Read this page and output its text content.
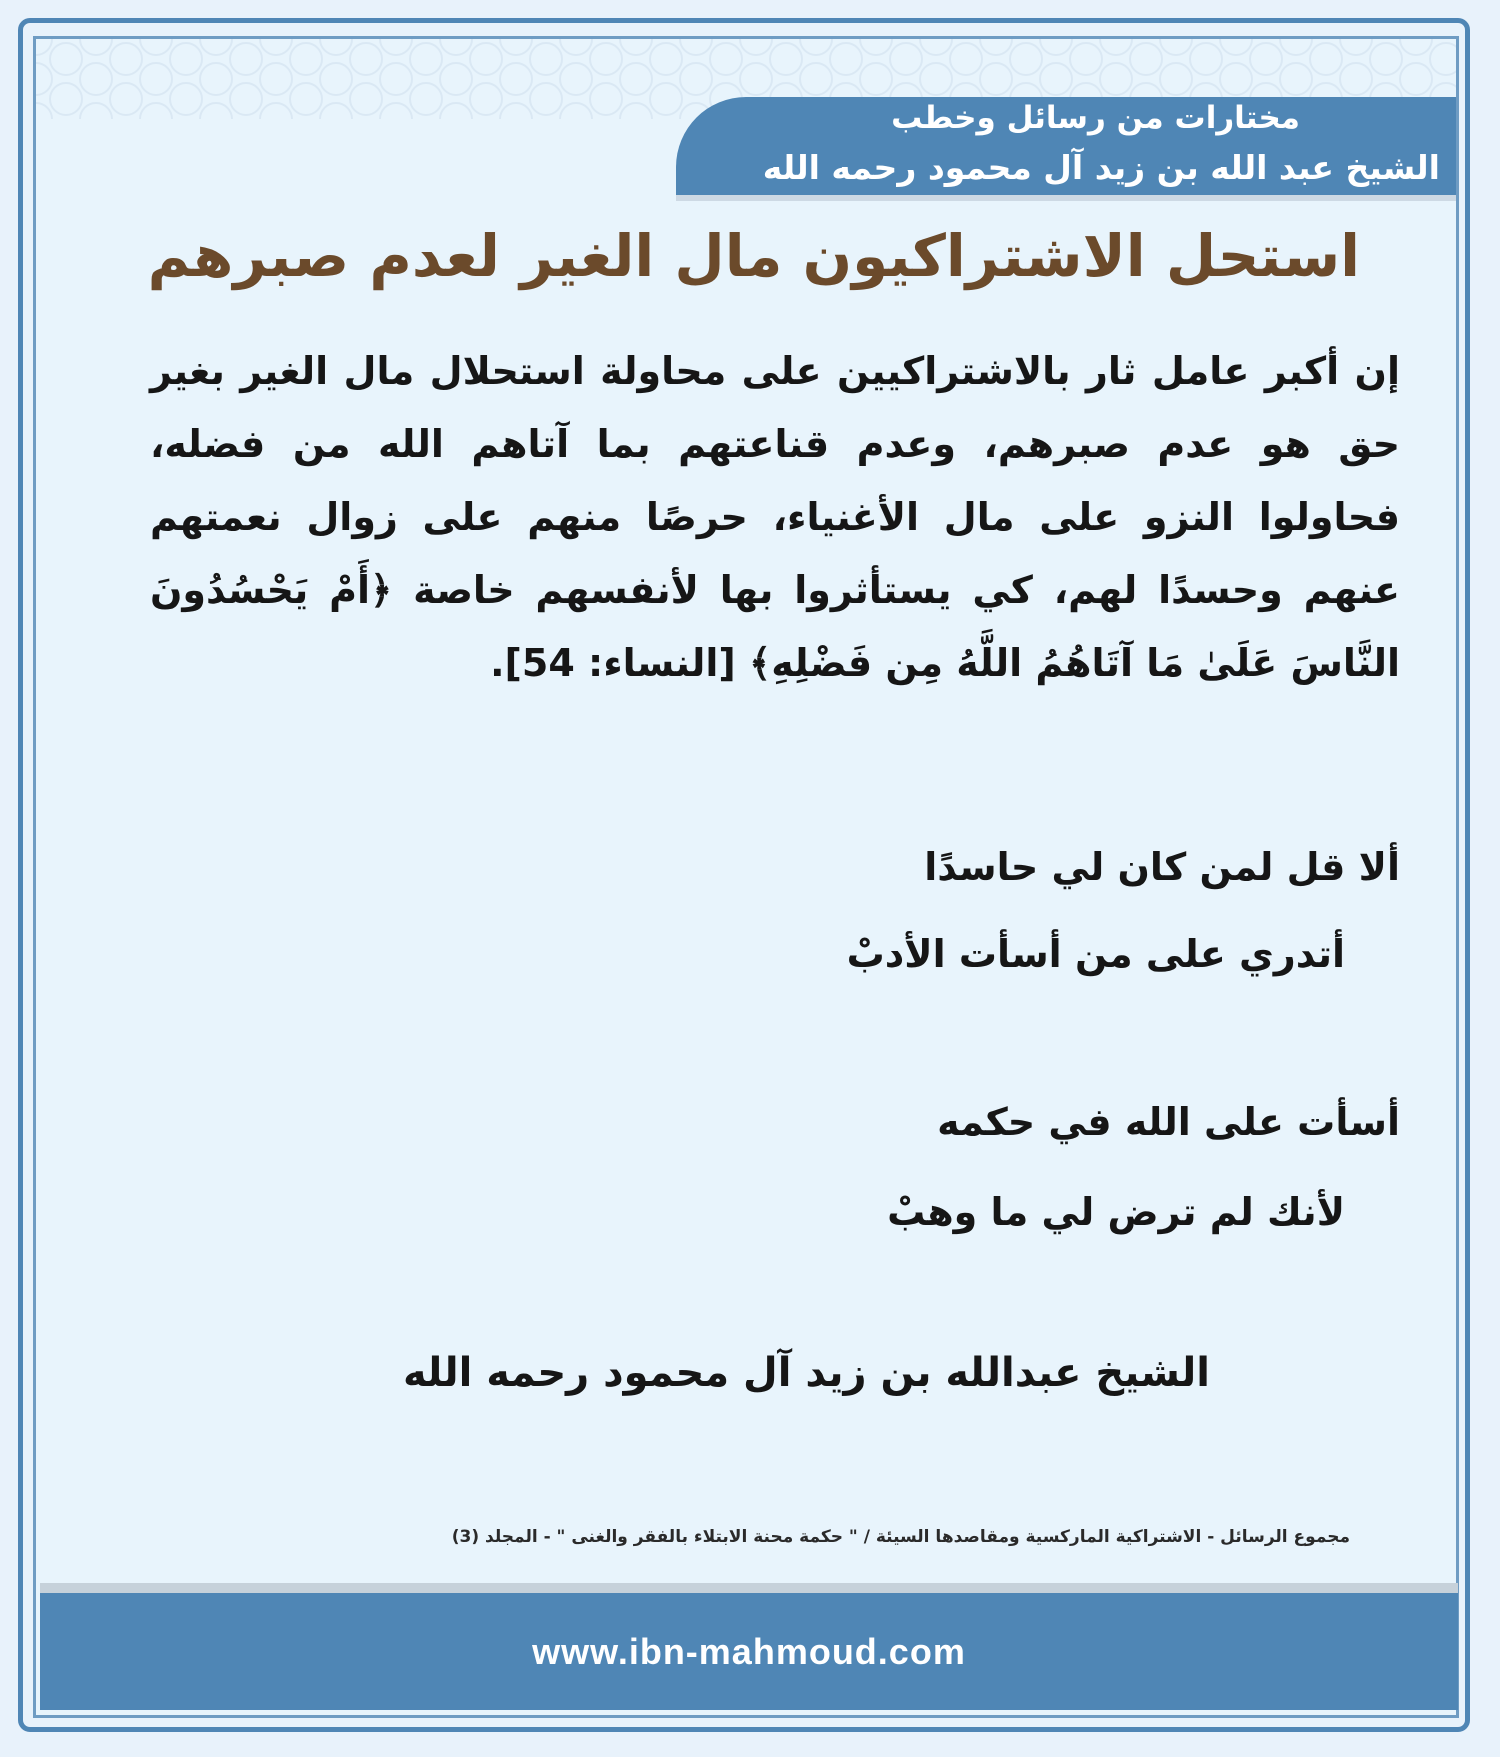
مختارات من رسائل وخطب
الشيخ عبد الله بن زيد آل محمود رحمه الله
استحل الاشتراكيون مال الغير لعدم صبرهم
إن أكبر عامل ثار بالاشتراكيين على محاولة استحلال مال الغير بغير حق هو عدم صبرهم، وعدم قناعتهم بما آتاهم الله من فضله، فحاولوا النزو على مال الأغنياء، حرصًا منهم على زوال نعمتهم عنهم وحسدًا لهم، كي يستأثروا بها لأنفسهم خاصة ﴿أَمْ يَحْسُدُونَ النَّاسَ عَلَىٰ مَا آتَاهُمُ اللَّهُ مِن فَضْلِهِ﴾ [النساء: 54].
ألا قل لمن كان لي حاسدًا
أتدري على من أسأت الأدبْ
أسأت على الله في حكمه
لأنك لم ترض لي ما وهبْ
الشيخ عبدالله بن زيد آل محمود رحمه الله
مجموع الرسائل - الاشتراكية الماركسية ومقاصدها السيئة / " حكمة محنة الابتلاء بالفقر والغنى " - المجلد (3)
www.ibn-mahmoud.com
